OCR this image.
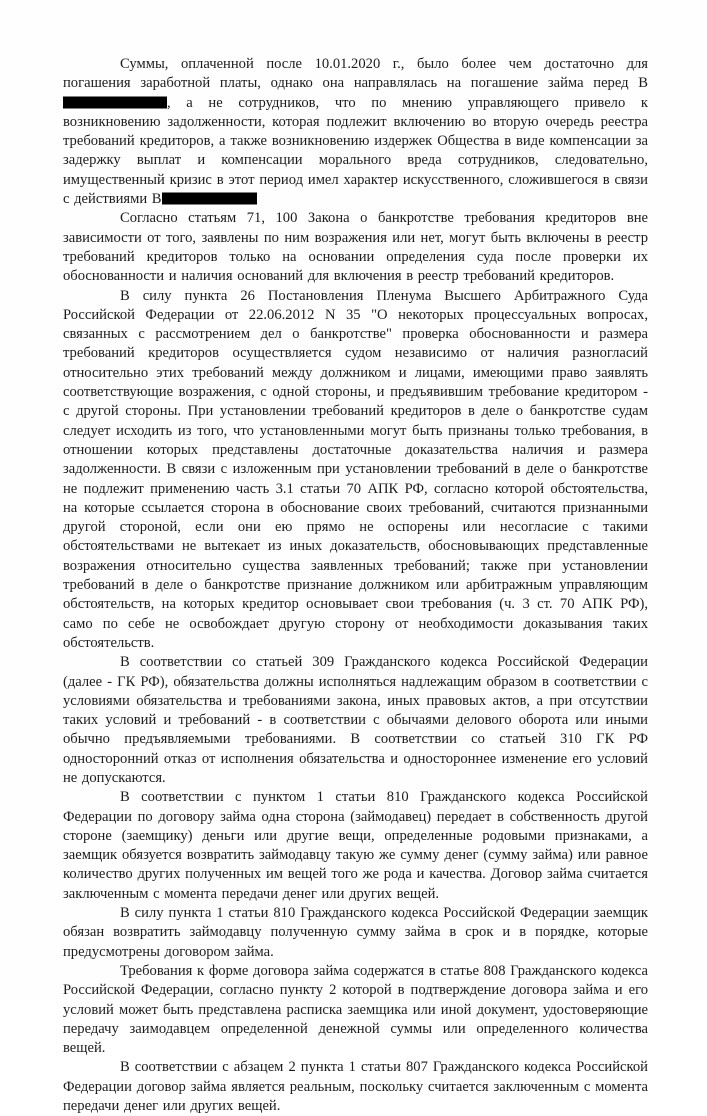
Суммы, оплаченной после 10.01.2020 г., было более чем достаточно для погашения заработной платы, однако она направлялась на погашение займа перед В, а не сотрудников, что по мнению управляющего привело к возникновению задолженности, которая подлежит включению во вторую очередь реестра требований кредиторов, а также возникновению издержек Общества в виде компенсации за задержку выплат и компенсации морального вреда сотрудников, следовательно, имущественный кризис в этот период имел характер искусственного, сложившегося в связи с действиями В

Согласно статьям 71, 100 Закона о банкротстве требования кредиторов вне зависимости от того, заявлены по ним возражения или нет, могут быть включены в реестр требований кредиторов только на основании определения суда после проверки их обоснованности и наличия оснований для включения в реестр требований кредиторов.

В силу пункта 26 Постановления Пленума Высшего Арбитражного Суда Российской Федерации от 22.06.2012 N 35 "О некоторых процессуальных вопросах, связанных с рассмотрением дел о банкротстве" проверка обоснованности и размера требований кредиторов осуществляется судом независимо от наличия разногласий относительно этих требований между должником и лицами, имеющими право заявлять соответствующие возражения, с одной стороны, и предъявившим требование кредитором - с другой стороны. При установлении требований кредиторов в деле о банкротстве судам следует исходить из того, что установленными могут быть признаны только требования, в отношении которых представлены достаточные доказательства наличия и размера задолженности. В связи с изложенным при установлении требований в деле о банкротстве не подлежит применению часть 3.1 статьи 70 АПК РФ, согласно которой обстоятельства, на которые ссылается сторона в обоснование своих требований, считаются признанными другой стороной, если они ею прямо не оспорены или несогласие с такими обстоятельствами не вытекает из иных доказательств, обосновывающих представленные возражения относительно существа заявленных требований; также при установлении требований в деле о банкротстве признание должником или арбитражным управляющим обстоятельств, на которых кредитор основывает свои требования (ч. 3 ст. 70 АПК РФ), само по себе не освобождает другую сторону от необходимости доказывания таких обстоятельств.

В соответствии со статьей 309 Гражданского кодекса Российской Федерации (далее - ГК РФ), обязательства должны исполняться надлежащим образом в соответствии с условиями обязательства и требованиями закона, иных правовых актов, а при отсутствии таких условий и требований - в соответствии с обычаями делового оборота или иными обычно предъявляемыми требованиями. В соответствии со статьей 310 ГК РФ односторонний отказ от исполнения обязательства и одностороннее изменение его условий не допускаются.

В соответствии с пунктом 1 статьи 810 Гражданского кодекса Российской Федерации по договору займа одна сторона (займодавец) передает в собственность другой стороне (заемщику) деньги или другие вещи, определенные родовыми признаками, а заемщик обязуется возвратить займодавцу такую же сумму денег (сумму займа) или равное количество других полученных им вещей того же рода и качества. Договор займа считается заключенным с момента передачи денег или других вещей.

В силу пункта 1 статьи 810 Гражданского кодекса Российской Федерации заемщик обязан возвратить займодавцу полученную сумму займа в срок и в порядке, которые предусмотрены договором займа.

Требования к форме договора займа содержатся в статье 808 Гражданского кодекса Российской Федерации, согласно пункту 2 которой в подтверждение договора займа и его условий может быть представлена расписка заемщика или иной документ, удостоверяющие передачу заимодавцем определенной денежной суммы или определенного количества вещей.

В соответствии с абзацем 2 пункта 1 статьи 807 Гражданского кодекса Российской Федерации договор займа является реальным, поскольку считается заключенным с момента передачи денег или других вещей.
